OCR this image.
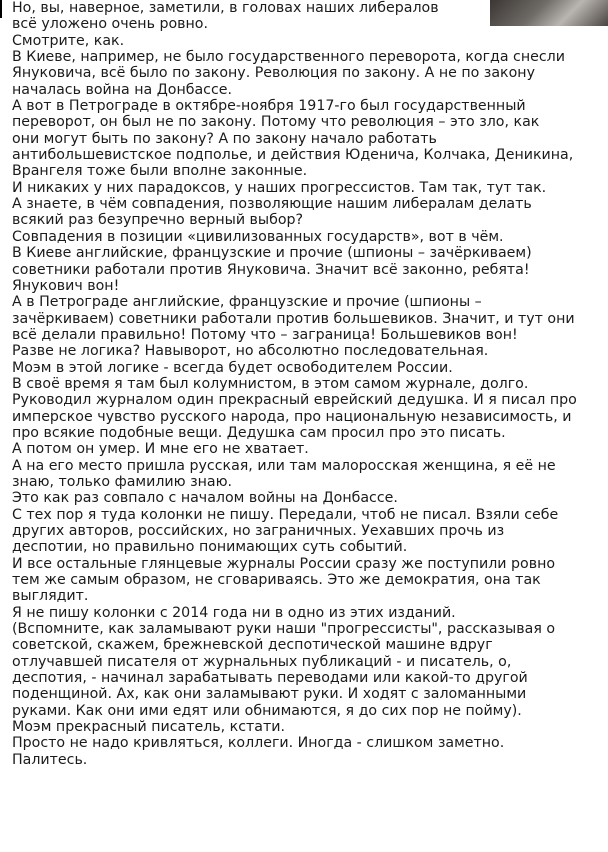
Но, вы, наверное, заметили, в головах наших либералов
всё уложено очень ровно.
Смотрите, как.
В Киеве, например, не было государственного переворота, когда снесли
Януковича, всё было по закону. Революция по закону. А не по закону
началась война на Донбассе.
А вот в Петрограде в октябре-ноября 1917-го был государственный
переворот, он был не по закону. Потому что революция – это зло, как
они могут быть по закону? А по закону начало работать
антибольшевистское подполье, и действия Юденича, Колчака, Деникина,
Врангеля тоже были вполне законные.
И никаких у них парадоксов, у наших прогрессистов. Там так, тут так.
А знаете, в чём совпадения, позволяющие нашим либералам делать
всякий раз безупречно верный выбор?
Совпадения в позиции «цивилизованных государств», вот в чём.
В Киеве английские, французские и прочие (шпионы – зачёркиваем)
советники работали против Януковича. Значит всё законно, ребята!
Янукович вон!
А в Петрограде английские, французские и прочие (шпионы –
зачёркиваем) советники работали против большевиков. Значит, и тут они
всё делали правильно! Потому что – заграница! Большевиков вон!
Разве не логика? Навыворот, но абсолютно последовательная.
Моэм в этой логике - всегда будет освободителем России.
В своё время я там был колумнистом, в этом самом журнале, долго.
Руководил журналом один прекрасный еврейский дедушка. И я писал про
имперское чувство русского народа, про национальную независимость, и
про всякие подобные вещи. Дедушка сам просил про это писать.
А потом он умер. И мне его не хватает.
А на его место пришла русская, или там малоросская женщина, я её не
знаю, только фамилию знаю.
Это как раз совпало с началом войны на Донбассе.
С тех пор я туда колонки не пишу. Передали, чтоб не писал. Взяли себе
других авторов, российских, но заграничных. Уехавших прочь из
деспотии, но правильно понимающих суть событий.
И все остальные глянцевые журналы России сразу же поступили ровно
тем же самым образом, не сговариваясь. Это же демократия, она так
выглядит.
Я не пишу колонки с 2014 года ни в одно из этих изданий.
(Вспомните, как заламывают руки наши "прогрессисты", рассказывая о
советской, скажем, брежневской деспотической машине вдруг
отлучавшей писателя от журнальных публикаций - и писатель, о,
деспотия, - начинал зарабатывать переводами или какой-то другой
поденщиной. Ах, как они заламывают руки. И ходят с заломанными
руками. Как они ими едят или обнимаются, я до сих пор не пойму).
Моэм прекрасный писатель, кстати.
Просто не надо кривляться, коллеги. Иногда - слишком заметно.
Палитесь.
